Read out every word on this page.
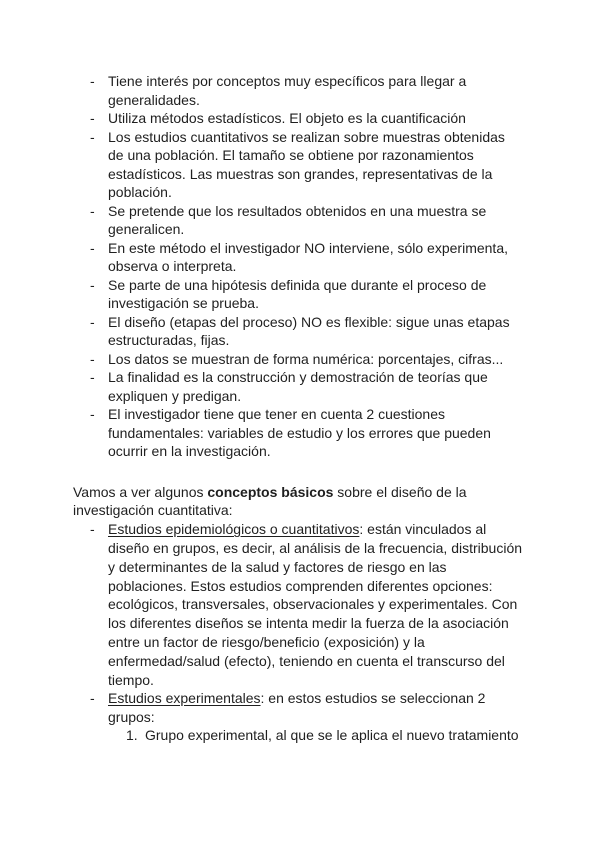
- Tiene interés por conceptos muy específicos para llegar a
generalidades.
- Utiliza métodos estadísticos. El objeto es la cuantificación
- Los estudios cuantitativos se realizan sobre muestras obtenidas
de una población. El tamaño se obtiene por razonamientos
estadísticos. Las muestras son grandes, representativas de la
población.
- Se pretende que los resultados obtenidos en una muestra se
generalicen.
- En este método el investigador NO interviene, sólo experimenta,
observa o interpreta.
- Se parte de una hipótesis definida que durante el proceso de
investigación se prueba.
- El diseño (etapas del proceso) NO es flexible: sigue unas etapas
estructuradas, fijas.
- Los datos se muestran de forma numérica: porcentajes, cifras...
- La finalidad es la construcción y demostración de teorías que
expliquen y predigan.
- El investigador tiene que tener en cuenta 2 cuestiones
fundamentales: variables de estudio y los errores que pueden
ocurrir en la investigación.
Vamos a ver algunos conceptos básicos sobre el diseño de la
investigación cuantitativa:
- Estudios epidemiológicos o cuantitativos: están vinculados al
diseño en grupos, es decir, al análisis de la frecuencia, distribución
y determinantes de la salud y factores de riesgo en las
poblaciones. Estos estudios comprenden diferentes opciones:
ecológicos, transversales, observacionales y experimentales. Con
los diferentes diseños se intenta medir la fuerza de la asociación
entre un factor de riesgo/beneficio (exposición) y la
enfermedad/salud (efecto), teniendo en cuenta el transcurso del
tiempo.
- Estudios experimentales: en estos estudios se seleccionan 2
grupos:
1. Grupo experimental, al que se le aplica el nuevo tratamiento
